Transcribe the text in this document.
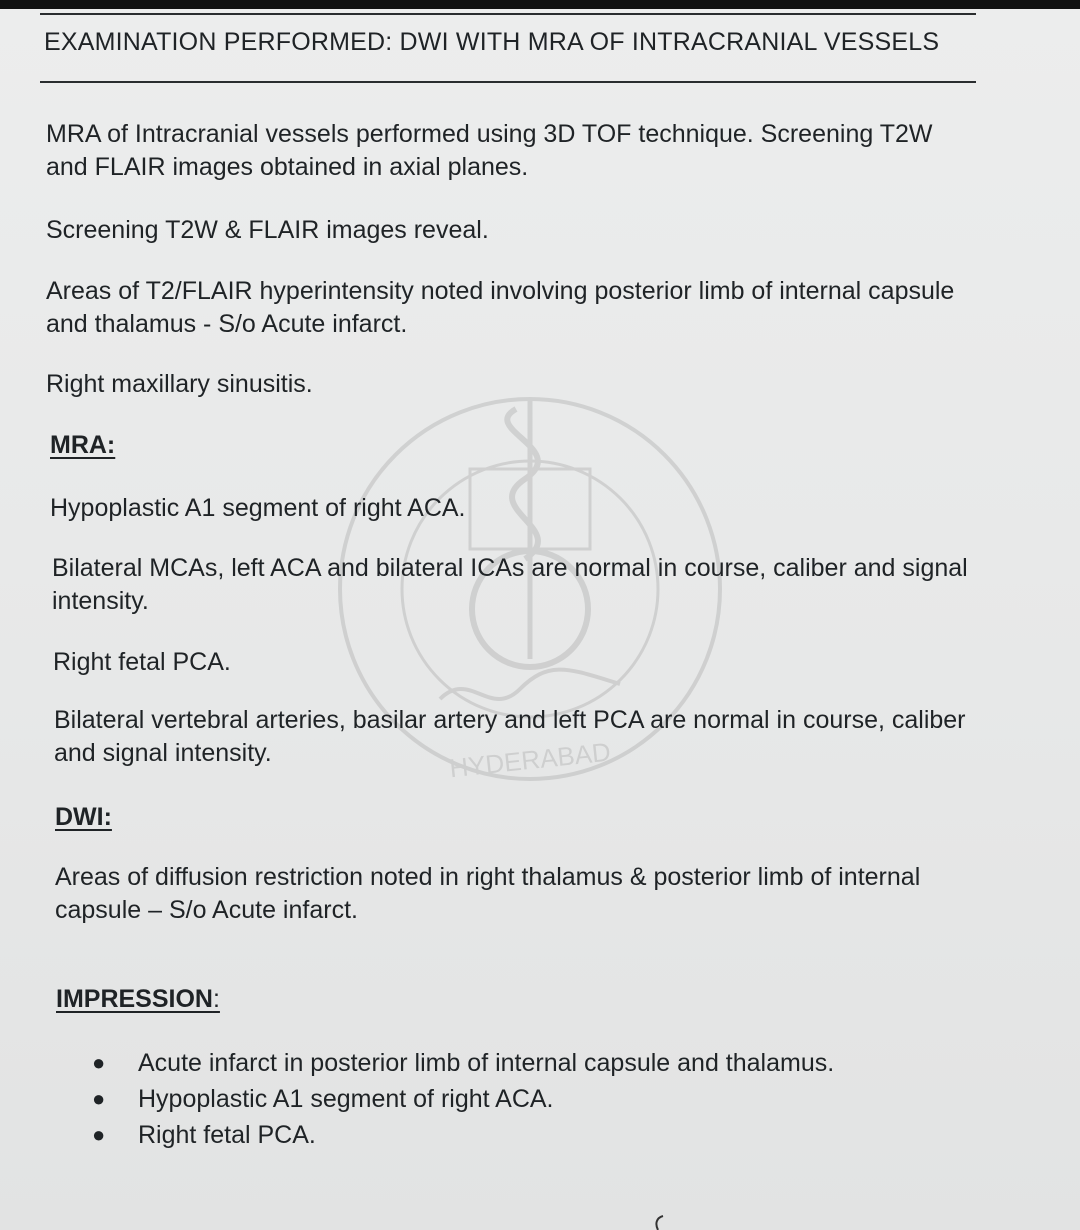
HYDERABAD

EXAMINATION PERFORMED: DWI WITH MRA OF INTRACRANIAL VESSELS

MRA of Intracranial vessels performed using 3D TOF technique. Screening T2W and FLAIR images obtained in axial planes.

Screening T2W & FLAIR images reveal.

Areas of T2/FLAIR hyperintensity noted involving posterior limb of internal capsule and thalamus - S/o Acute infarct.

Right maxillary sinusitis.

MRA:

Hypoplastic A1 segment of right ACA.

Bilateral MCAs, left ACA and bilateral ICAs are normal in course, caliber and signal intensity.

Right fetal PCA.

Bilateral vertebral arteries, basilar artery and left PCA are normal in course, caliber and signal intensity.

DWI:

Areas of diffusion restriction noted in right thalamus & posterior limb of internal capsule – S/o Acute infarct.

IMPRESSION:
● Acute infarct in posterior limb of internal capsule and thalamus.
● Hypoplastic A1 segment of right ACA.
● Right fetal PCA.
